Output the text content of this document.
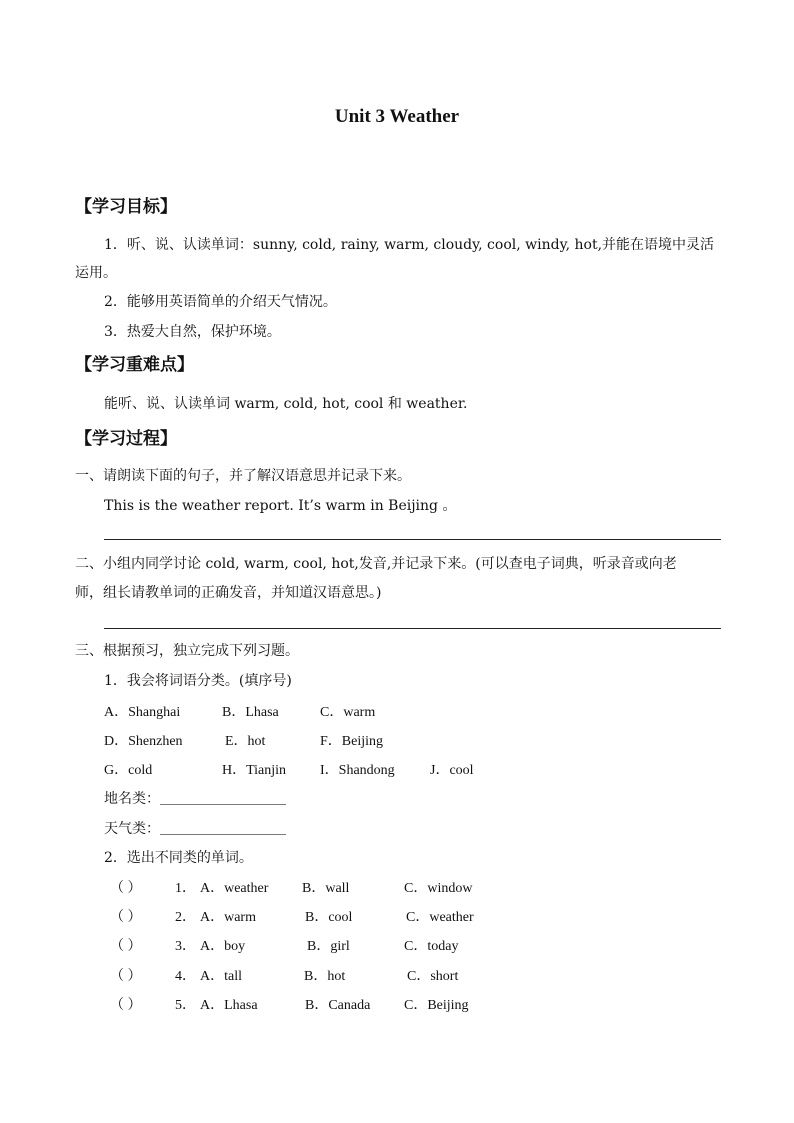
Unit 3 Weather
【学习目标】
1．听、说、认读单词：sunny, cold, rainy, warm, cloudy, cool, windy, hot,并能在语境中灵活
运用。
2．能够用英语简单的介绍天气情况。
3．热爱大自然，保护环境。
【学习重难点】
能听、说、认读单词 warm, cold, hot, cool 和 weather.
【学习过程】
一、请朗读下面的句子，并了解汉语意思并记录下来。
This is the weather report. It’s warm in Beijing 。
二、小组内同学讨论 cold, warm, cool, hot,发音,并记录下来。(可以查电子词典，听录音或向老
师，组长请教单词的正确发音，并知道汉语意思。)
三、根据预习，独立完成下列习题。
1．我会将词语分类。(填序号)
A．Shanghai	B．Lhasa	C．warm
D．Shenzhen	E．hot	F．Beijing
G．cold	H．Tianjin I．Shandong	J．cool
地名类：＿＿＿＿＿＿＿＿＿
天气类：＿＿＿＿＿＿＿＿＿
2．选出不同类的单词。
（ ） 1． A．weather B．wall	C．window
（ ） 2． A．warm	B．cool	C．weather
（ ） 3． A．boy	B．girl	C．today
（ ） 4． A．tall	B．hot	C．short
（ ） 5． A．Lhasa	B．Canada C．Beijing
